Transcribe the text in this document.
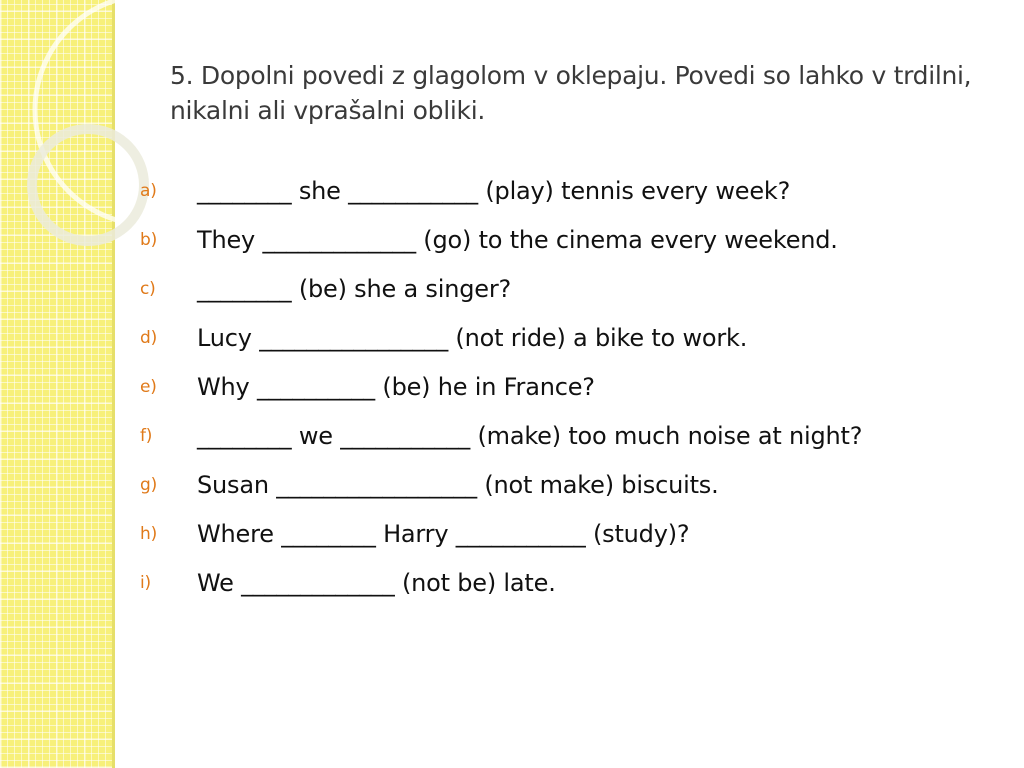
5. Dopolni povedi z glagolom v oklepaju. Povedi so lahko v trdilni, nikalni ali vprašalni obliki.
a) ________ she ___________ (play) tennis every week?
b) They _____________ (go) to the cinema every weekend.
c) ________ (be) she a singer?
d) Lucy ________________ (not ride) a bike to work.
e) Why __________ (be) he in France?
f) ________ we ___________ (make) too much noise at night?
g) Susan _________________ (not make) biscuits.
h) Where ________ Harry ___________ (study)?
i) We _____________ (not be) late.
